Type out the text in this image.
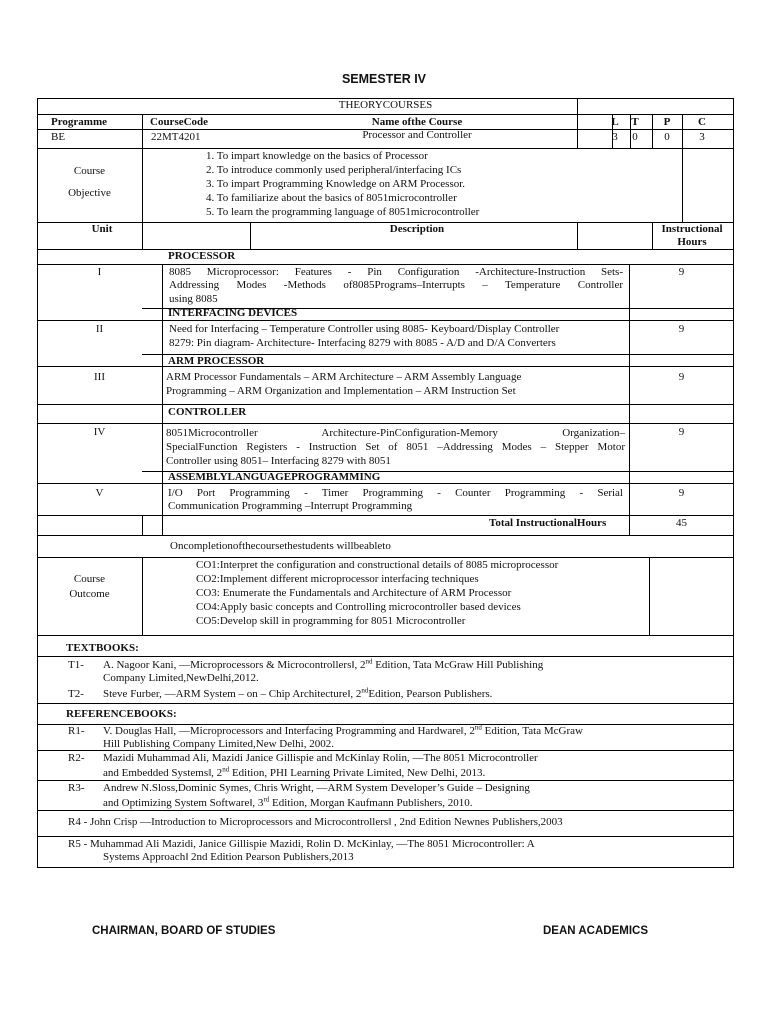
SEMESTER IV
THEORYCOURSES
Programme	CourseCode	Name ofthe Course	L	T	P	C
BE	22MT4201	Processor and Controller	3	0	0	3
Course
Objective
1. To impart knowledge on the basics of Processor
2. To introduce commonly used peripheral/interfacing ICs
3. To impart Programming Knowledge on ARM Processor.
4. To familiarize about the basics of 8051microcontroller
5. To learn the programming language of 8051microcontroller
Unit	Description	Instructional
Hours
PROCESSOR
I	8085 Microprocessor: Features - Pin Configuration -Architecture-Instruction Sets-
Addressing Modes -Methods of8085Programs–Interrupts – Temperature Controller
using 8085
9
INTERFACING DEVICES
II	Need for Interfacing – Temperature Controller using 8085- Keyboard/Display Controller
8279: Pin diagram- Architecture- Interfacing 8279 with 8085 - A/D and D/A Converters
9
ARM PROCESSOR
III	ARM Processor Fundamentals – ARM Architecture – ARM Assembly Language
Programming – ARM Organization and Implementation – ARM Instruction Set
9
CONTROLLER
IV	8051Microcontroller Architecture-PinConfiguration-Memory Organization–
SpecialFunction Registers - Instruction Set of 8051 –Addressing Modes – Stepper Motor
Controller using 8051– Interfacing 8279 with 8051
9
ASSEMBLYLANGUAGEPROGRAMMING
V	I/O Port Programming - Timer Programming - Counter Programming - Serial
Communication Programming –Interrupt Programming
9
Total InstructionalHours	45
Oncompletionofthecoursethestudents willbeableto
Course
Outcome
CO1:Interpret the configuration and constructional details of 8085 microprocessor
CO2:Implement different microprocessor interfacing techniques
CO3: Enumerate the Fundamentals and Architecture of ARM Processor
CO4:Apply basic concepts and Controlling microcontroller based devices
CO5:Develop skill in programming for 8051 Microcontroller
TEXTBOOKS:
T1- A. Nagoor Kani, ―Microprocessors & Microcontrollers‖, 2nd Edition, Tata McGraw Hill Publishing
Company Limited,NewDelhi,2012.
T2- Steve Furber, ―ARM System – on – Chip Architecture‖, 2ndEdition, Pearson Publishers.
REFERENCEBOOKS:
R1- V. Douglas Hall, ―Microprocessors and Interfacing Programming and Hardware‖, 2nd Edition, Tata McGraw
Hill Publishing Company Limited,New Delhi, 2002.
R2- Mazidi Muhammad Ali, Mazidi Janice Gillispie and McKinlay Rolin, ―The 8051 Microcontroller
and Embedded Systems‖, 2nd Edition, PHI Learning Private Limited, New Delhi, 2013.
R3- Andrew N.Sloss,Dominic Symes, Chris Wright, ―ARM System Developer’s Guide – Designing
and Optimizing System Software‖, 3rd Edition, Morgan Kaufmann Publishers, 2010.
R4 - John Crisp ―Introduction to Microprocessors and Microcontrollers‖ , 2nd Edition Newnes Publishers,2003
R5 - Muhammad Ali Mazidi, Janice Gillispie Mazidi, Rolin D. McKinlay, ―The 8051 Microcontroller: A
Systems Approach‖ 2nd Edition Pearson Publishers,2013
CHAIRMAN, BOARD OF STUDIES	DEAN ACADEMICS
